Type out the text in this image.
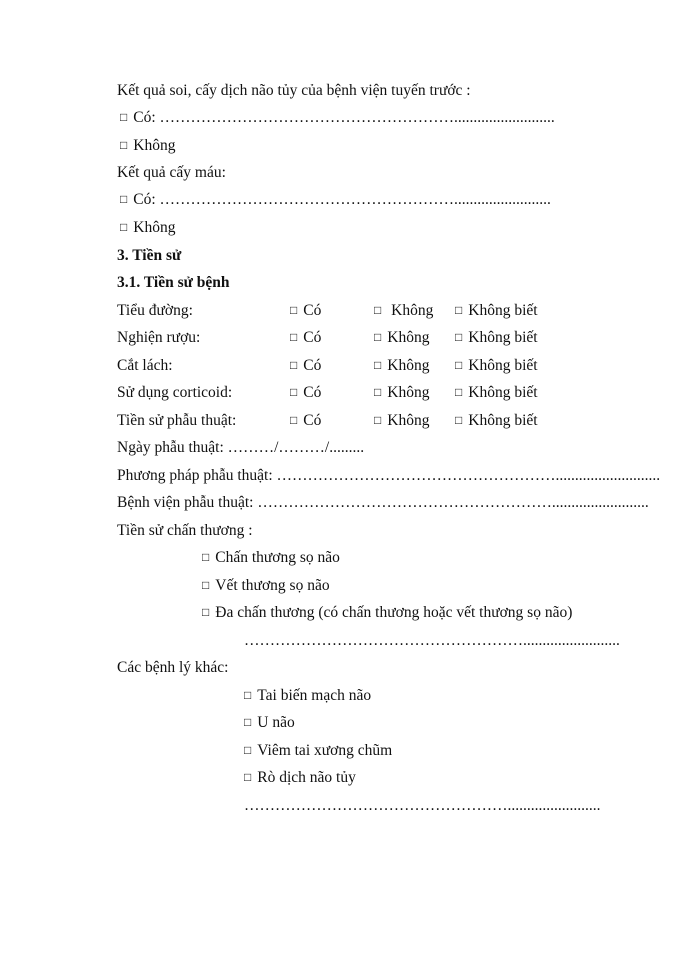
Kết quả soi, cấy dịch não tủy của bệnh viện tuyến trước :
□ Có: …………………………………………………..........................
□ Không
Kết quả cấy máu:
□ Có: ………………………………………………….........................
□ Không
3. Tiền sử
3.1. Tiền sử bệnh
Tiểu đường:	□ Có	□ Không □ Không biết
Nghiện rượu:	□ Có	□ Không □ Không biết
Cắt lách:	□ Có	□ Không □ Không biết
Sử dụng corticoid:	□ Có	□ Không □ Không biết
Tiền sử phẫu thuật:	□ Có	□ Không □ Không biết
Ngày phẫu thuật: ………/………/.........
Phương pháp phẫu thuật: ………………………………………………...........................
Bệnh viện phẫu thuật: ………………………………………………….........................
Tiền sử chấn thương :
□ Chấn thương sọ não
□ Vết thương sọ não
□ Đa chấn thương (có chấn thương hoặc vết thương sọ não)
……………………………………………….........................
Các bệnh lý khác:
□ Tai biến mạch não
□ U não
□ Viêm tai xương chũm
□ Rò dịch não tủy
……………………………………………........................
